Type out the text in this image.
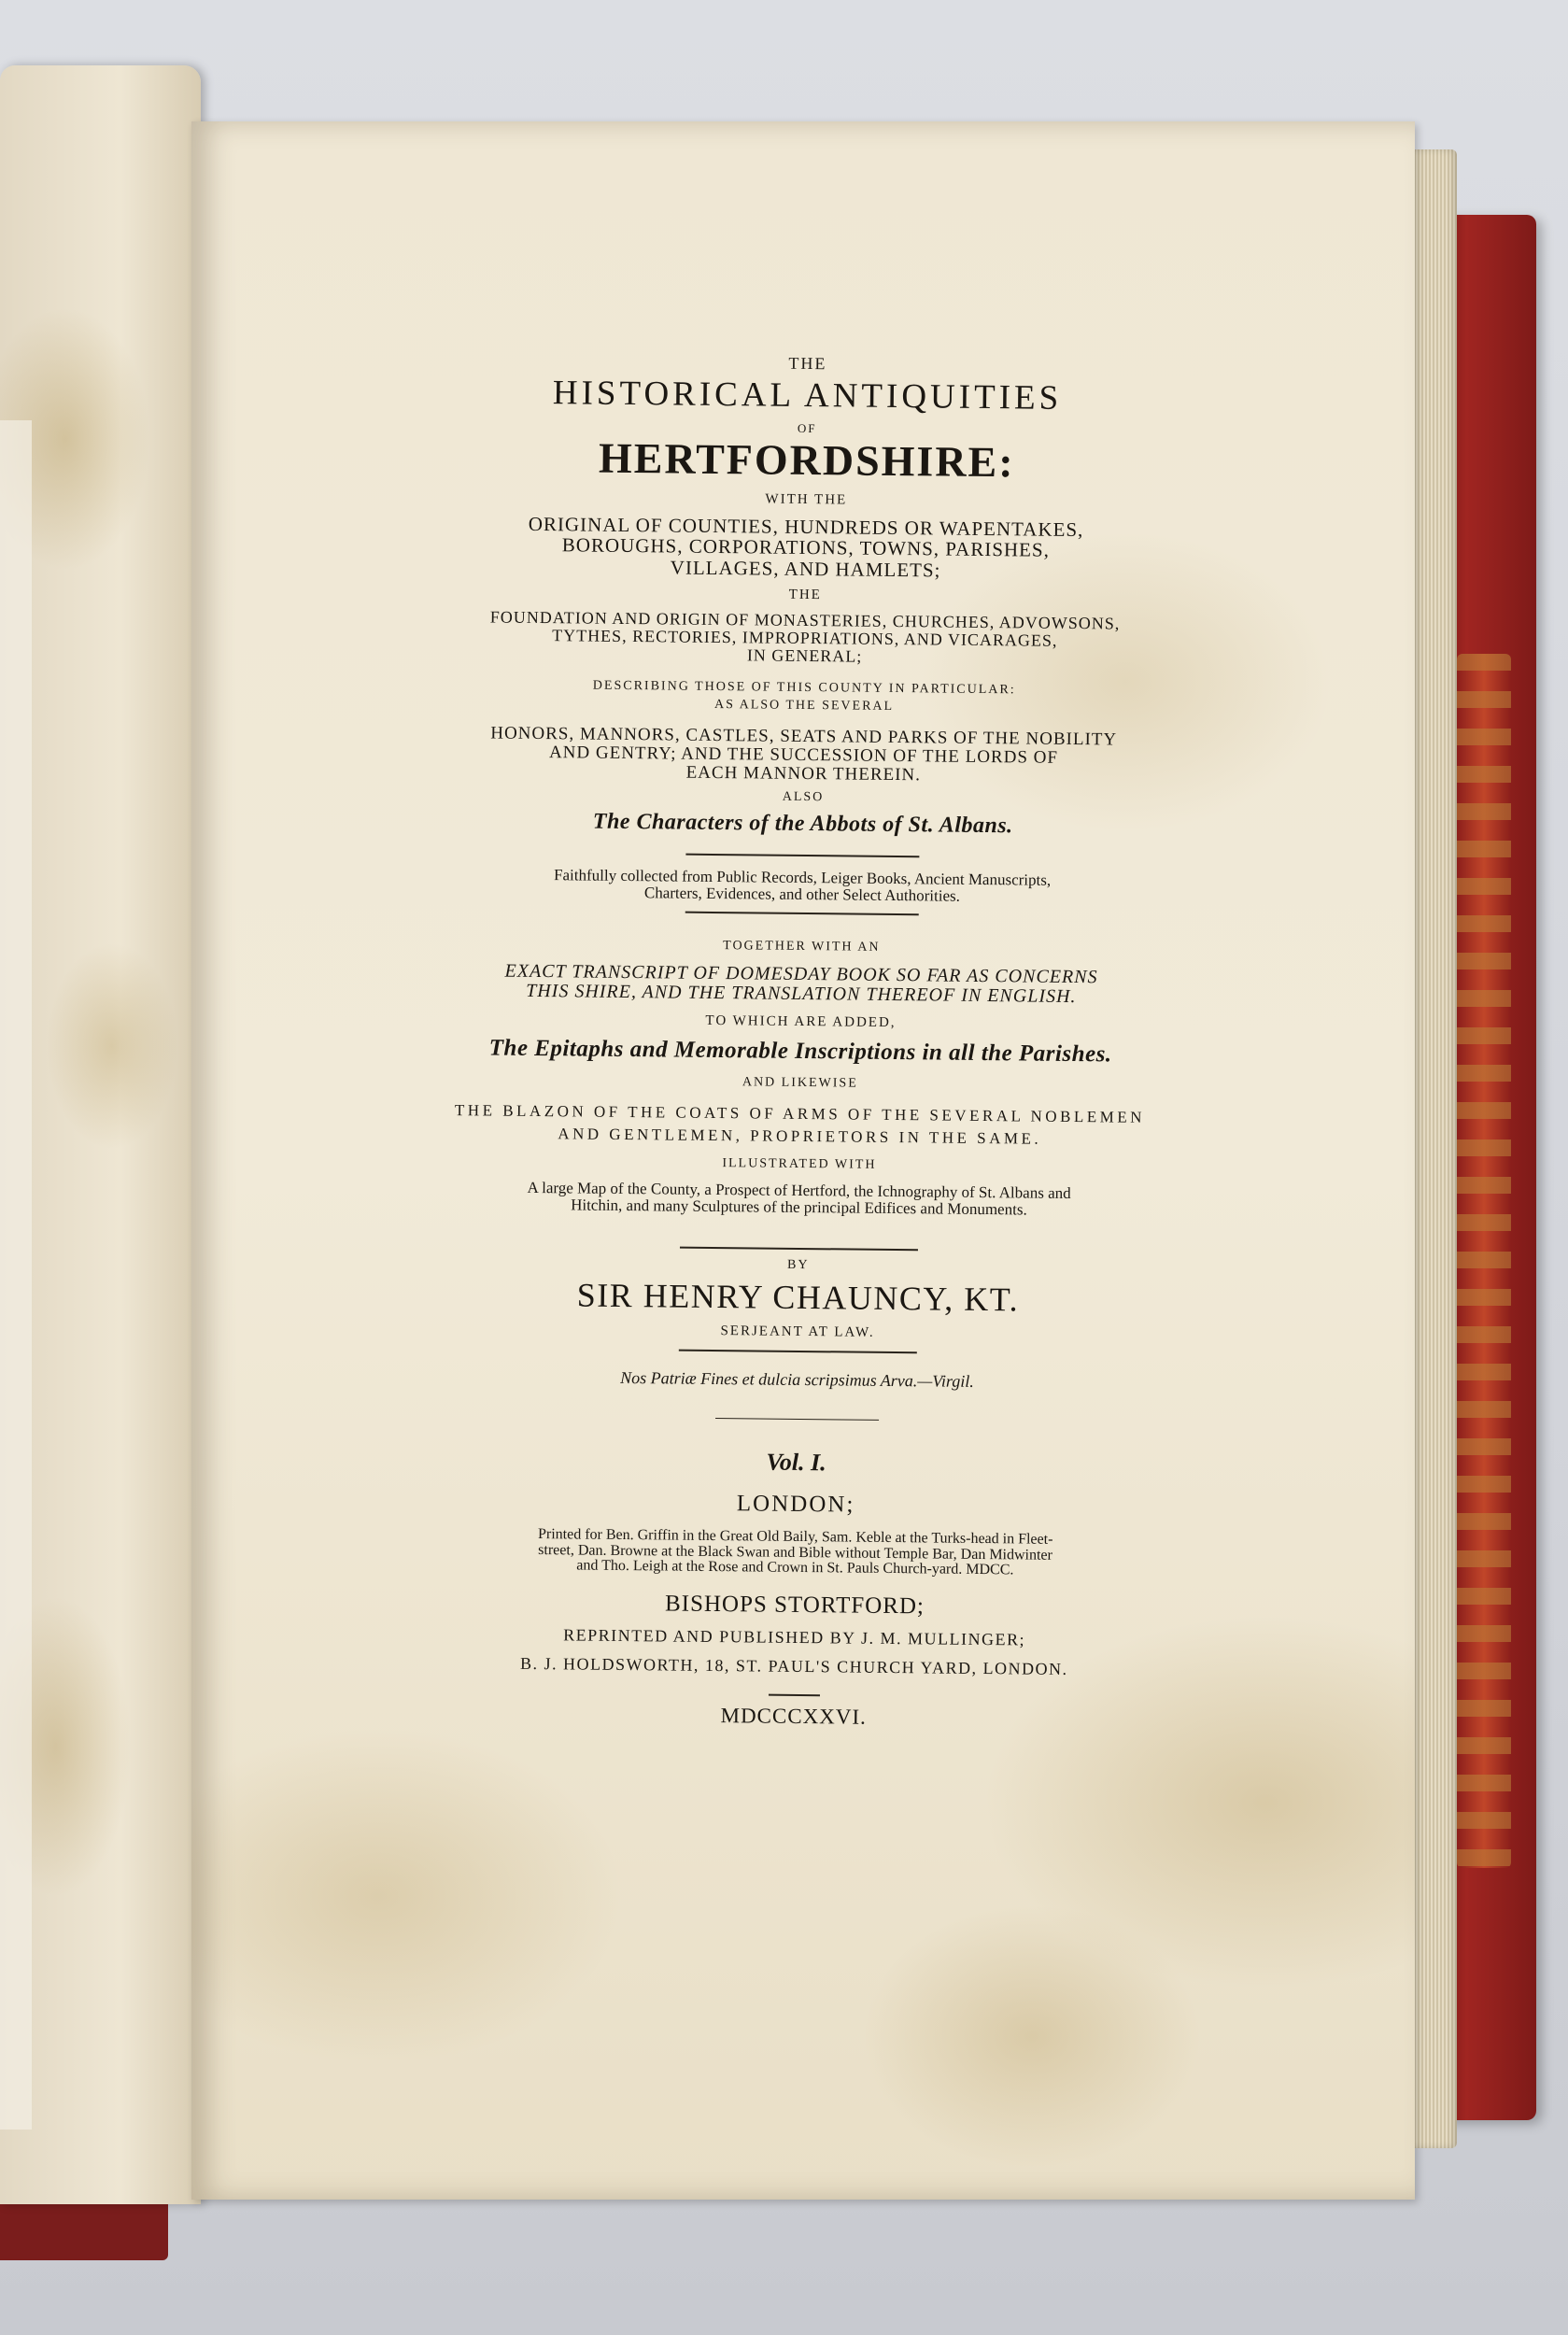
THE
HISTORICAL ANTIQUITIES
OF
HERTFORDSHIRE:
WITH THE
ORIGINAL OF COUNTIES, HUNDREDS OR WAPENTAKES,
BOROUGHS, CORPORATIONS, TOWNS, PARISHES,
VILLAGES, AND HAMLETS;
THE
FOUNDATION AND ORIGIN OF MONASTERIES, CHURCHES, ADVOWSONS,
TYTHES, RECTORIES, IMPROPRIATIONS, AND VICARAGES,
IN GENERAL;
DESCRIBING THOSE OF THIS COUNTY IN PARTICULAR:
AS ALSO THE SEVERAL
HONORS, MANNORS, CASTLES, SEATS AND PARKS OF THE NOBILITY
AND GENTRY; AND THE SUCCESSION OF THE LORDS OF
EACH MANNOR THEREIN.
ALSO
The Characters of the Abbots of St. Albans.
Faithfully collected from Public Records, Leiger Books, Ancient Manuscripts,
Charters, Evidences, and other Select Authorities.
TOGETHER WITH AN
EXACT TRANSCRIPT OF DOMESDAY BOOK SO FAR AS CONCERNS
THIS SHIRE, AND THE TRANSLATION THEREOF IN ENGLISH.
TO WHICH ARE ADDED,
The Epitaphs and Memorable Inscriptions in all the Parishes.
AND LIKEWISE
THE BLAZON OF THE COATS OF ARMS OF THE SEVERAL NOBLEMEN
AND GENTLEMEN, PROPRIETORS IN THE SAME.
ILLUSTRATED WITH
A large Map of the County, a Prospect of Hertford, the Ichnography of St. Albans and
Hitchin, and many Sculptures of the principal Edifices and Monuments.
BY
SIR HENRY CHAUNCY, KT.
SERJEANT AT LAW.
Nos Patriæ Fines et dulcia scripsimus Arva.—Virgil.
Vol. I.
LONDON;
Printed for Ben. Griffin in the Great Old Baily, Sam. Keble at the Turks-head in Fleet-
street, Dan. Browne at the Black Swan and Bible without Temple Bar, Dan Midwinter
and Tho. Leigh at the Rose and Crown in St. Pauls Church-yard. MDCC.
BISHOPS STORTFORD;
REPRINTED AND PUBLISHED BY J. M. MULLINGER;
B. J. HOLDSWORTH, 18, ST. PAUL'S CHURCH YARD, LONDON.
MDCCCXXVI.
